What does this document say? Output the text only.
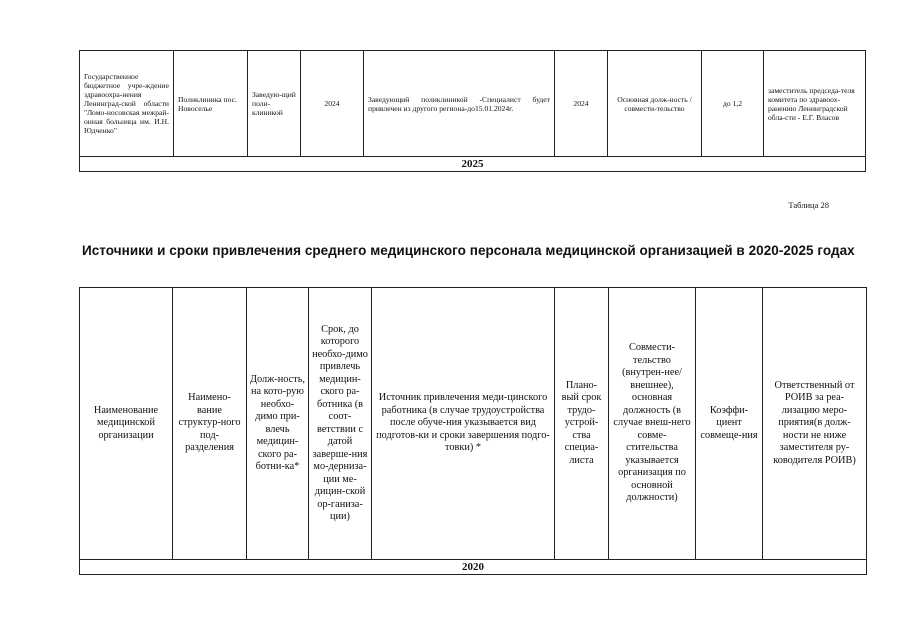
Государственное бюджетное учре-ждение здравоохра-нения Ленинград-ской области "Ломо-носовская межрай-онная больница им. И.Н. Юдченко"	Поликлиника пос. Новоселье	Заведую-щий поли-клиникой	2024	Заведующий поликлиникой -Специалист будет привлечен из другого региона-до15.01.2024г.	2024	Основная долж-ность / совмести-тельство	до 1,2	заместитель председа-теля комитета по здравоох-ранению Ленинградской обла-сти - Е.Г. Власов
2025
Таблица 28
Источники и сроки привлечения среднего медицинского персонала медицинской организацией в 2020-2025 годах
Наименование медицинской организации	Наимено-вание структур-ного под-разделения	Долж-ность, на кото-рую необхо-димо при-влечь медицин-ского ра-ботни-ка*	Срок, до которого необхо-димо привлечь медицин-ского ра-ботника (в соот-ветствии с датой заверше-ния мо-дерниза-ции ме-дицин-ской ор-ганиза-ции)	Источник привлечения меди-цинского работника (в случае трудоустройства после обуче-ния указывается вид подготов-ки и сроки завершения подго-товки) *	Плано-вый срок трудо-устрой-ства специа-листа	Совмести-тельство (внутрен-нее/внешнее), основная должность (в случае внеш-него совме-стительства указывается организация по основной должности)	Коэффи-циент совмеще-ния	Ответственный от РОИВ за реа-лизацию меро-приятия(в долж-ности не ниже заместителя ру-ководителя РОИВ)
2020
